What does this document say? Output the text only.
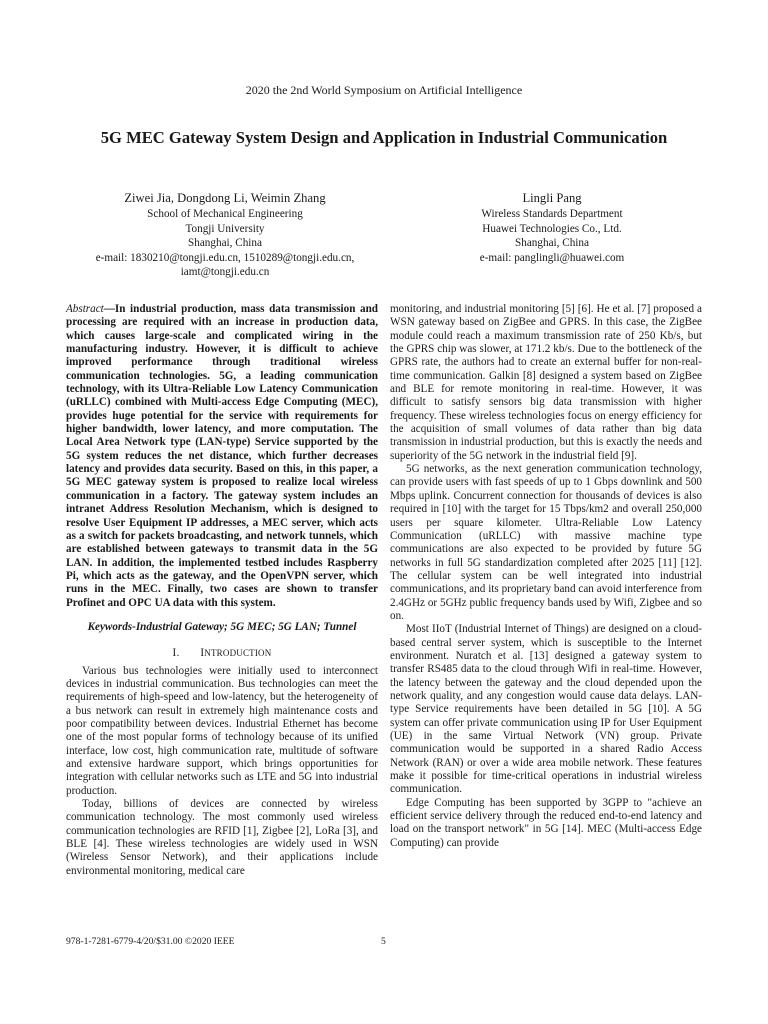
2020 the 2nd World Symposium on Artificial Intelligence
5G MEC Gateway System Design and Application in Industrial Communication
Ziwei Jia, Dongdong Li, Weimin Zhang
School of Mechanical Engineering
Tongji University
Shanghai, China
e-mail: 1830210@tongji.edu.cn, 1510289@tongji.edu.cn,
iamt@tongji.edu.cn
Lingli Pang
Wireless Standards Department
Huawei Technologies Co., Ltd.
Shanghai, China
e-mail: panglingli@huawei.com

Abstract—In industrial production, mass data transmission and processing are required with an increase in production data, which causes large-scale and complicated wiring in the manufacturing industry. However, it is difficult to achieve improved performance through traditional wireless communication technologies. 5G, a leading communication technology, with its Ultra-Reliable Low Latency Communication (uRLLC) combined with Multi-access Edge Computing (MEC), provides huge potential for the service with requirements for higher bandwidth, lower latency, and more computation. The Local Area Network type (LAN-type) Service supported by the 5G system reduces the net distance, which further decreases latency and provides data security. Based on this, in this paper, a 5G MEC gateway system is proposed to realize local wireless communication in a factory. The gateway system includes an intranet Address Resolution Mechanism, which is designed to resolve User Equipment IP addresses, a MEC server, which acts as a switch for packets broadcasting, and network tunnels, which are established between gateways to transmit data in the 5G LAN. In addition, the implemented testbed includes Raspberry Pi, which acts as the gateway, and the OpenVPN server, which runs in the MEC. Finally, two cases are shown to transfer Profinet and OPC UA data with this system.

Keywords-Industrial Gateway; 5G MEC; 5G LAN; Tunnel

I. INTRODUCTION

Various bus technologies were initially used to interconnect devices in industrial communication. Bus technologies can meet the requirements of high-speed and low-latency, but the heterogeneity of a bus network can result in extremely high maintenance costs and poor compatibility between devices. Industrial Ethernet has become one of the most popular forms of technology because of its unified interface, low cost, high communication rate, multitude of software and extensive hardware support, which brings opportunities for integration with cellular networks such as LTE and 5G into industrial production.

Today, billions of devices are connected by wireless communication technology. The most commonly used wireless communication technologies are RFID [1], Zigbee [2], LoRa [3], and BLE [4]. These wireless technologies are widely used in WSN (Wireless Sensor Network), and their applications include environmental monitoring, medical care

monitoring, and industrial monitoring [5] [6]. He et al. [7] proposed a WSN gateway based on ZigBee and GPRS. In this case, the ZigBee module could reach a maximum transmission rate of 250 Kb/s, but the GPRS chip was slower, at 171.2 kb/s. Due to the bottleneck of the GPRS rate, the authors had to create an external buffer for non-real-time communication. Galkin [8] designed a system based on ZigBee and BLE for remote monitoring in real-time. However, it was difficult to satisfy sensors big data transmission with higher frequency. These wireless technologies focus on energy efficiency for the acquisition of small volumes of data rather than big data transmission in industrial production, but this is exactly the needs and superiority of the 5G network in the industrial field [9].

5G networks, as the next generation communication technology, can provide users with fast speeds of up to 1 Gbps downlink and 500 Mbps uplink. Concurrent connection for thousands of devices is also required in [10] with the target for 15 Tbps/km2 and overall 250,000 users per square kilometer. Ultra-Reliable Low Latency Communication (uRLLC) with massive machine type communications are also expected to be provided by future 5G networks in full 5G standardization completed after 2025 [11] [12]. The cellular system can be well integrated into industrial communications, and its proprietary band can avoid interference from 2.4GHz or 5GHz public frequency bands used by Wifi, Zigbee and so on.

Most IIoT (Industrial Internet of Things) are designed on a cloud-based central server system, which is susceptible to the Internet environment. Nuratch et al. [13] designed a gateway system to transfer RS485 data to the cloud through Wifi in real-time. However, the latency between the gateway and the cloud depended upon the network quality, and any congestion would cause data delays. LAN-type Service requirements have been detailed in 5G [10]. A 5G system can offer private communication using IP for User Equipment (UE) in the same Virtual Network (VN) group. Private communication would be supported in a shared Radio Access Network (RAN) or over a wide area mobile network. These features make it possible for time-critical operations in industrial wireless communication.

Edge Computing has been supported by 3GPP to "achieve an efficient service delivery through the reduced end-to-end latency and load on the transport network" in 5G [14]. MEC (Multi-access Edge Computing) can provide

978-1-7281-6779-4/20/$31.00 ©2020 IEEE	5
